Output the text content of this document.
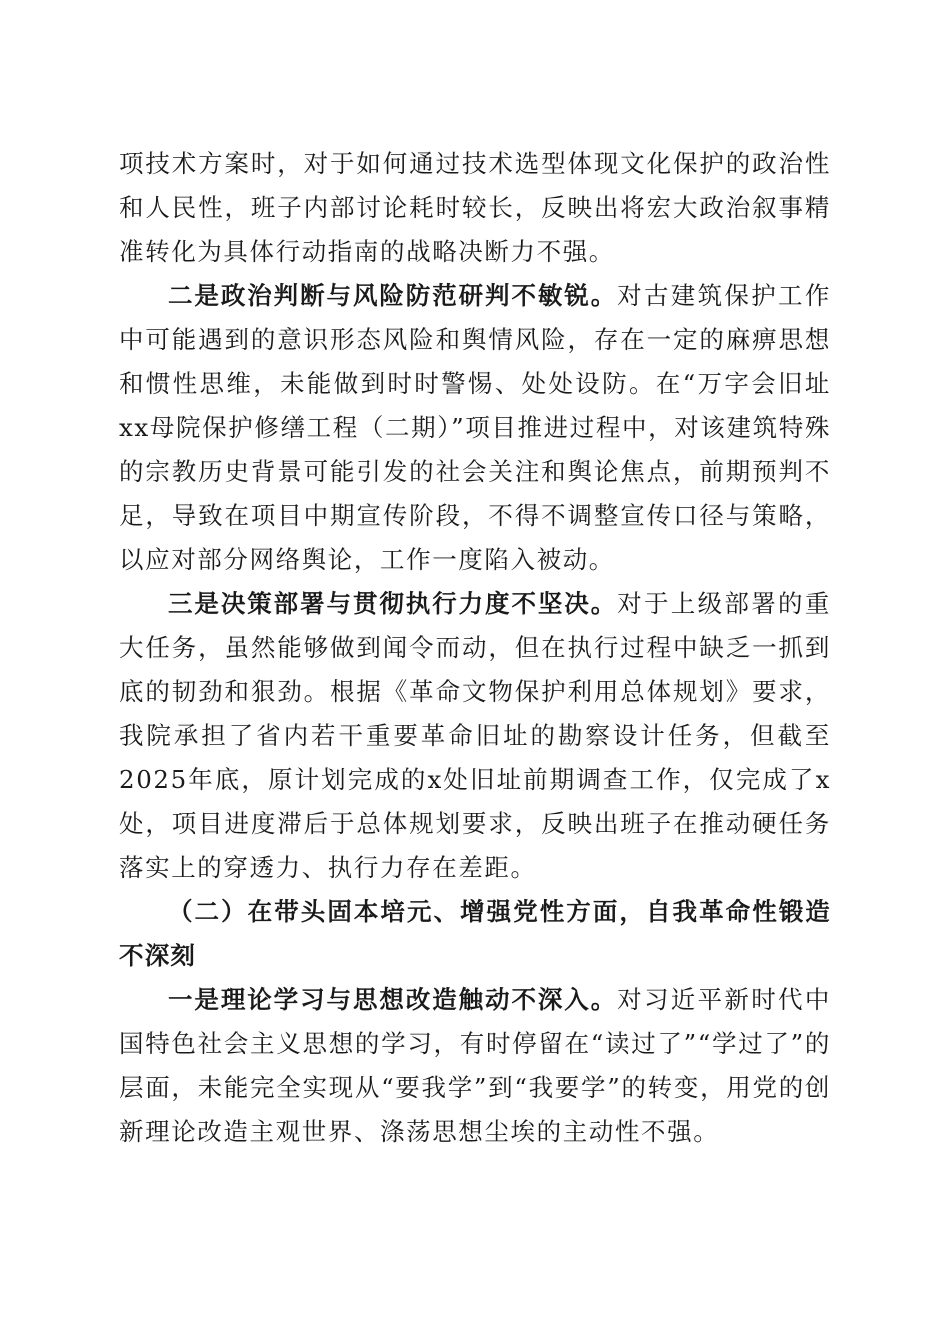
项技术方案时，对于如何通过技术选型体现文化保护的政治性和人民性，班子内部讨论耗时较长，反映出将宏大政治叙事精准转化为具体行动指南的战略决断力不强。

二是政治判断与风险防范研判不敏锐。对古建筑保护工作中可能遇到的意识形态风险和舆情风险，存在一定的麻痹思想和惯性思维，未能做到时时警惕、处处设防。在“万字会旧址xx母院保护修缮工程（二期）”项目推进过程中，对该建筑特殊的宗教历史背景可能引发的社会关注和舆论焦点，前期预判不足，导致在项目中期宣传阶段，不得不调整宣传口径与策略，以应对部分网络舆论，工作一度陷入被动。

三是决策部署与贯彻执行力度不坚决。对于上级部署的重大任务，虽然能够做到闻令而动，但在执行过程中缺乏一抓到底的韧劲和狠劲。根据《革命文物保护利用总体规划》要求，我院承担了省内若干重要革命旧址的勘察设计任务，但截至2025年底，原计划完成的x处旧址前期调查工作，仅完成了x处，项目进度滞后于总体规划要求，反映出班子在推动硬任务落实上的穿透力、执行力存在差距。

（二）在带头固本培元、增强党性方面，自我革命性锻造不深刻

一是理论学习与思想改造触动不深入。对习近平新时代中国特色社会主义思想的学习，有时停留在“读过了”“学过了”的层面，未能完全实现从“要我学”到“我要学”的转变，用党的创新理论改造主观世界、涤荡思想尘埃的主动性不强。
